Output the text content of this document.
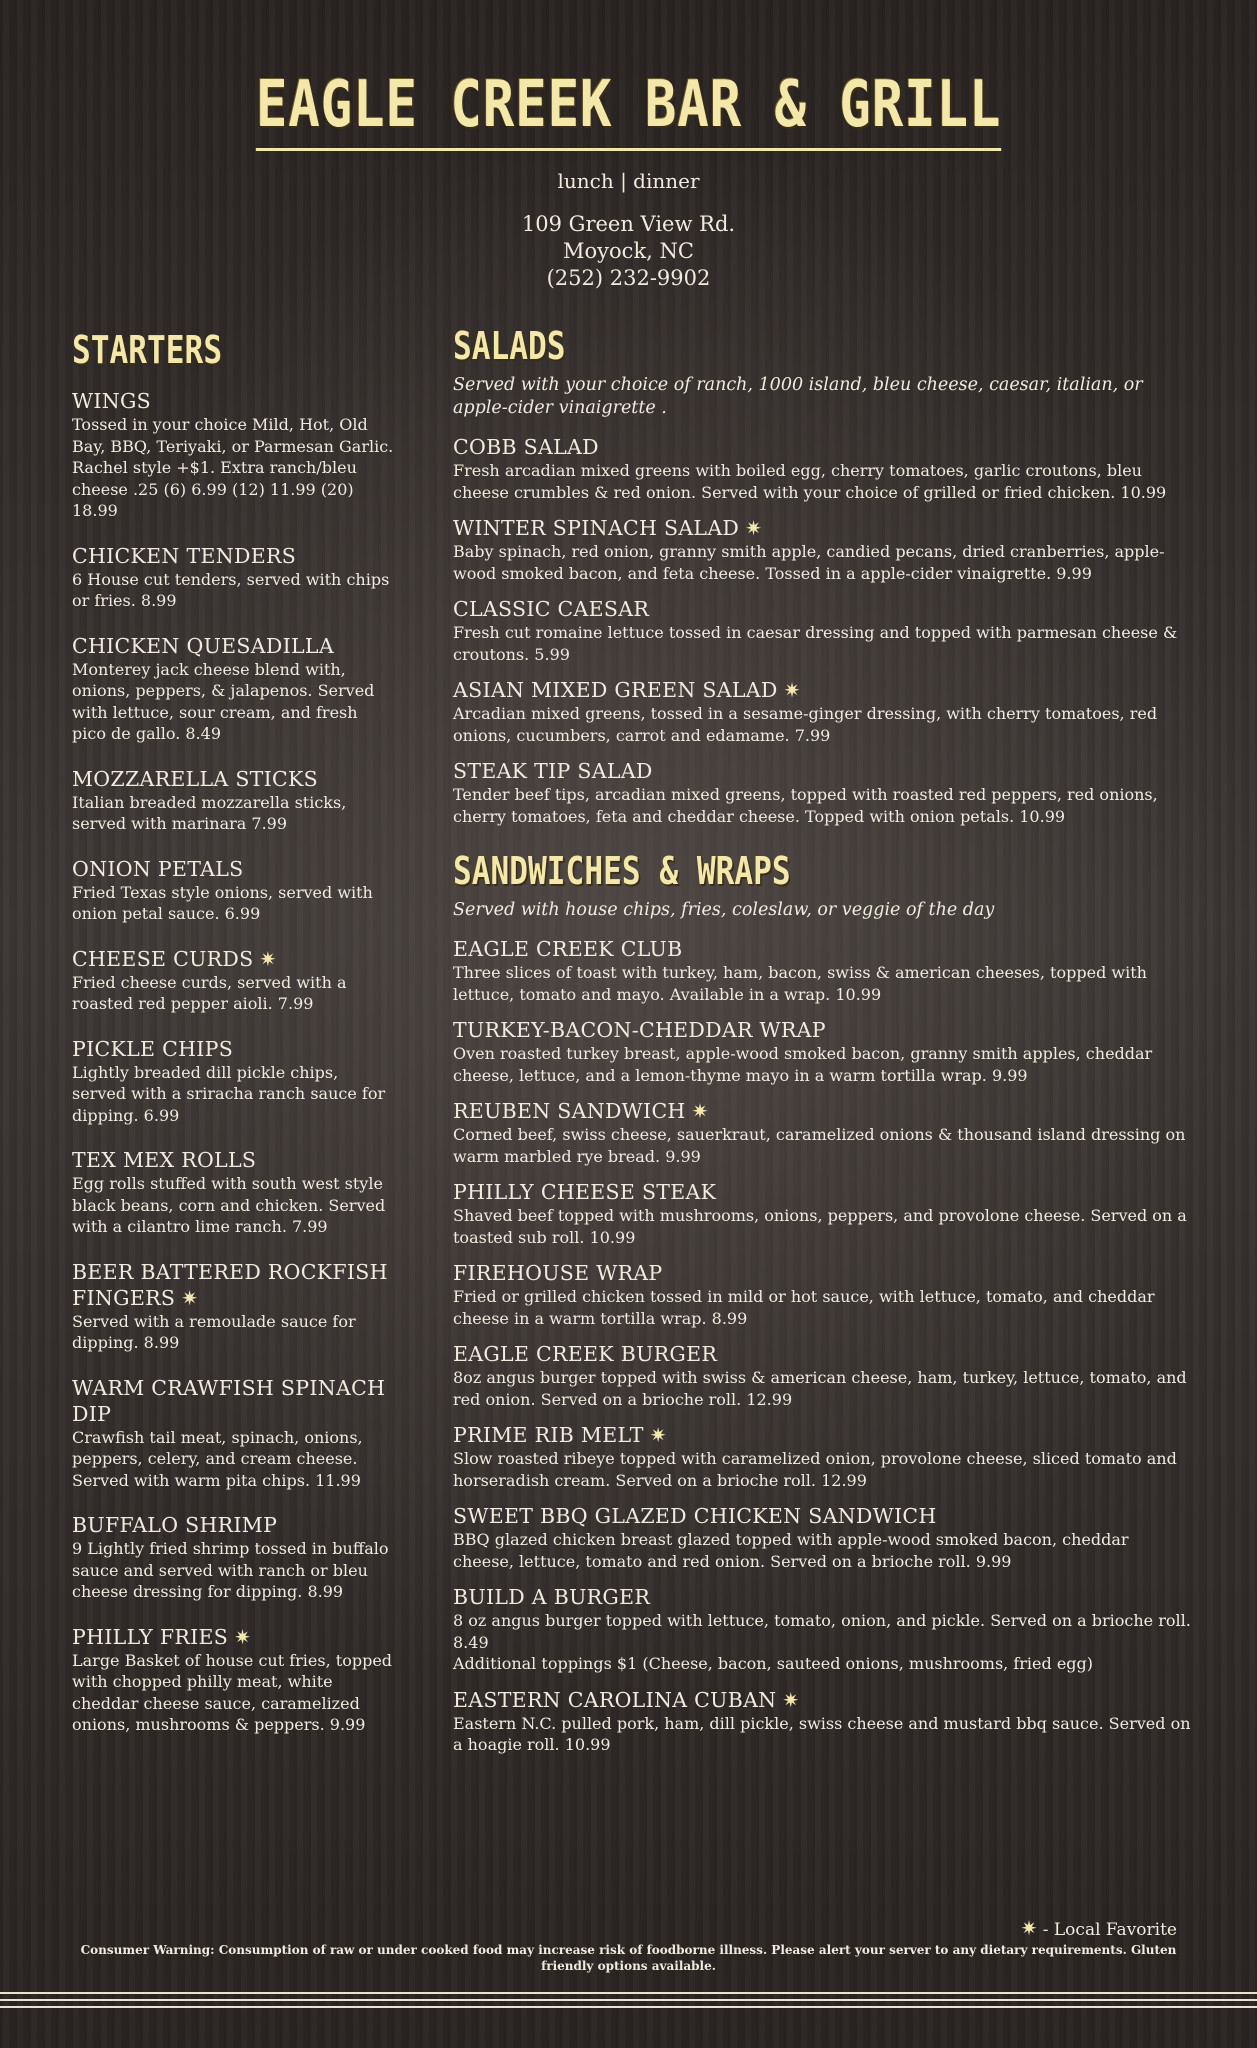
EAGLE CREEK BAR & GRILL
lunch | dinner
109 Green View Rd.
Moyock, NC
(252) 232-9902
STARTERS
WINGS
Tossed in your choice Mild, Hot, Old Bay, BBQ, Teriyaki, or Parmesan Garlic. Rachel style +$1. Extra ranch/bleu cheese .25 (6) 6.99 (12) 11.99 (20) 18.99
CHICKEN TENDERS
6 House cut tenders, served with chips or fries. 8.99
CHICKEN QUESADILLA
Monterey jack cheese blend with, onions, peppers, & jalapenos. Served with lettuce, sour cream, and fresh pico de gallo. 8.49
MOZZARELLA STICKS
Italian breaded mozzarella sticks, served with marinara 7.99
ONION PETALS
Fried Texas style onions, served with onion petal sauce. 6.99
CHEESE CURDS ✷
Fried cheese curds, served with a roasted red pepper aioli. 7.99
PICKLE CHIPS
Lightly breaded dill pickle chips, served with a sriracha ranch sauce for dipping. 6.99
TEX MEX ROLLS
Egg rolls stuffed with south west style black beans, corn and chicken. Served with a cilantro lime ranch. 7.99
BEER BATTERED ROCKFISH FINGERS ✷
Served with a remoulade sauce for dipping. 8.99
WARM CRAWFISH SPINACH DIP
Crawfish tail meat, spinach, onions, peppers, celery, and cream cheese. Served with warm pita chips. 11.99
BUFFALO SHRIMP
9 Lightly fried shrimp tossed in buffalo sauce and served with ranch or bleu cheese dressing for dipping. 8.99
PHILLY FRIES ✷
Large Basket of house cut fries, topped with chopped philly meat, white cheddar cheese sauce, caramelized onions, mushrooms & peppers. 9.99
SALADS
Served with your choice of ranch, 1000 island, bleu cheese, caesar, italian, or apple-cider vinaigrette .
COBB SALAD
Fresh arcadian mixed greens with boiled egg, cherry tomatoes, garlic croutons, bleu cheese crumbles & red onion. Served with your choice of grilled or fried chicken. 10.99
WINTER SPINACH SALAD ✷
Baby spinach, red onion, granny smith apple, candied pecans, dried cranberries, apple-wood smoked bacon, and feta cheese. Tossed in a apple-cider vinaigrette. 9.99
CLASSIC CAESAR
Fresh cut romaine lettuce tossed in caesar dressing and topped with parmesan cheese & croutons. 5.99
ASIAN MIXED GREEN SALAD ✷
Arcadian mixed greens, tossed in a sesame-ginger dressing, with cherry tomatoes, red onions, cucumbers, carrot and edamame. 7.99
STEAK TIP SALAD
Tender beef tips, arcadian mixed greens, topped with roasted red peppers, red onions, cherry tomatoes, feta and cheddar cheese. Topped with onion petals. 10.99
SANDWICHES & WRAPS
Served with house chips, fries, coleslaw, or veggie of the day
EAGLE CREEK CLUB
Three slices of toast with turkey, ham, bacon, swiss & american cheeses, topped with lettuce, tomato and mayo. Available in a wrap. 10.99
TURKEY-BACON-CHEDDAR WRAP
Oven roasted turkey breast, apple-wood smoked bacon, granny smith apples, cheddar cheese, lettuce, and a lemon-thyme mayo in a warm tortilla wrap. 9.99
REUBEN SANDWICH ✷
Corned beef, swiss cheese, sauerkraut, caramelized onions & thousand island dressing on warm marbled rye bread. 9.99
PHILLY CHEESE STEAK
Shaved beef topped with mushrooms, onions, peppers, and provolone cheese. Served on a toasted sub roll. 10.99
FIREHOUSE WRAP
Fried or grilled chicken tossed in mild or hot sauce, with lettuce, tomato, and cheddar cheese in a warm tortilla wrap. 8.99
EAGLE CREEK BURGER
8oz angus burger topped with swiss & american cheese, ham, turkey, lettuce, tomato, and red onion. Served on a brioche roll. 12.99
PRIME RIB MELT ✷
Slow roasted ribeye topped with caramelized onion, provolone cheese, sliced tomato and horseradish cream. Served on a brioche roll. 12.99
SWEET BBQ GLAZED CHICKEN SANDWICH
BBQ glazed chicken breast glazed topped with apple-wood smoked bacon, cheddar cheese, lettuce, tomato and red onion. Served on a brioche roll. 9.99
BUILD A BURGER
8 oz angus burger topped with lettuce, tomato, onion, and pickle. Served on a brioche roll. 8.49
Additional toppings $1 (Cheese, bacon, sauteed onions, mushrooms, fried egg)
EASTERN CAROLINA CUBAN ✷
Eastern N.C. pulled pork, ham, dill pickle, swiss cheese and mustard bbq sauce. Served on a hoagie roll. 10.99
✷ - Local Favorite
Consumer Warning: Consumption of raw or under cooked food may increase risk of foodborne illness. Please alert your server to any dietary requirements. Gluten friendly options available.
